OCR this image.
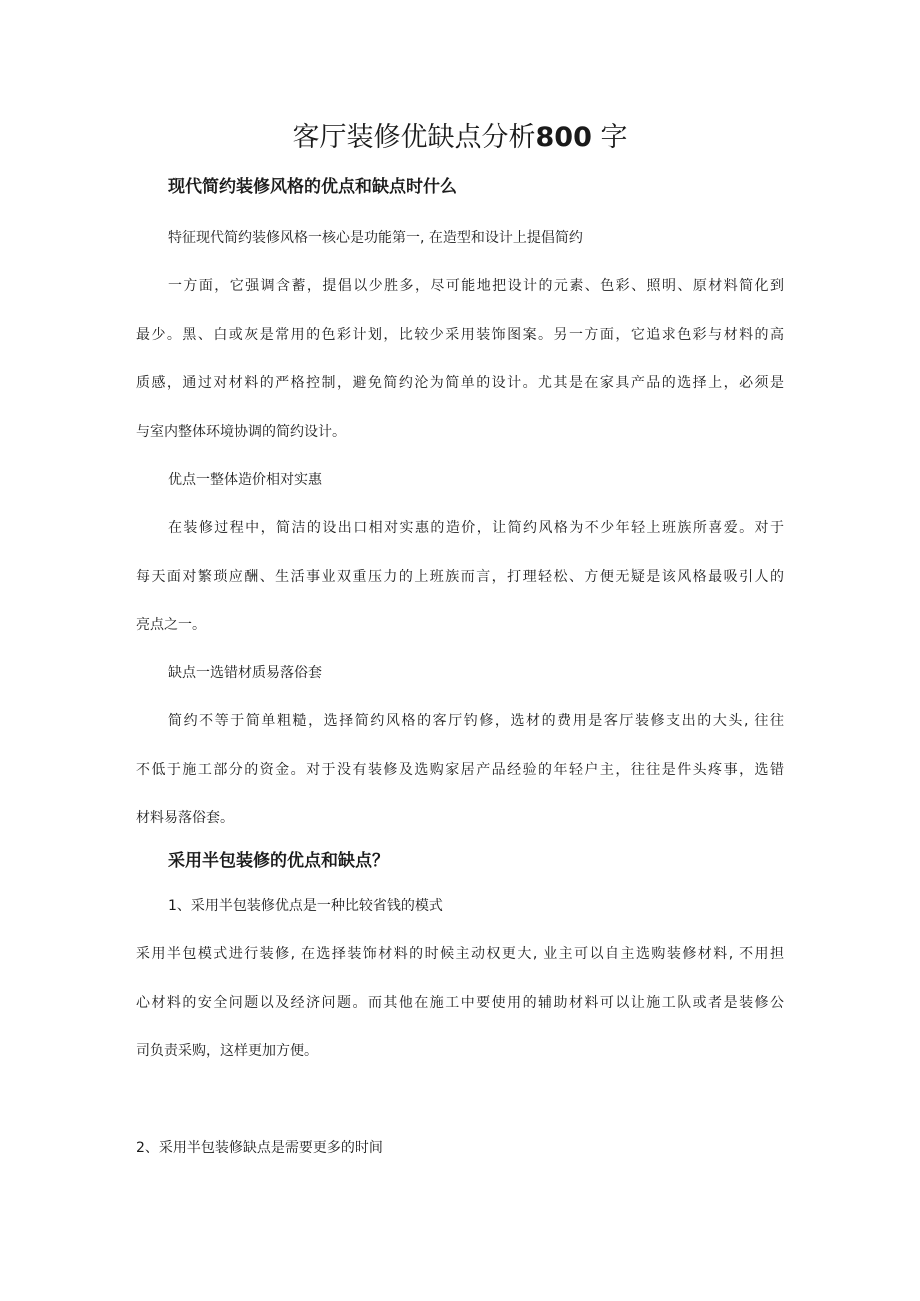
客厅装修优缺点分析800 字
现代简约装修风格的优点和缺点时什么

特征现代简约装修风格一核心是功能第一, 在造型和设计上提倡简约

一方面，它强调含蓄，提倡以少胜多，尽可能地把设计的元素、色彩、照明、原材料简化到

最少。黑、白或灰是常用的色彩计划，比较少采用装饰图案。另一方面，它追求色彩与材料的高

质感，通过对材料的严格控制，避免简约沦为简单的设计。尤其是在家具产品的选择上，必须是

与室内整体环境协调的简约设计。

优点一整体造价相对实惠

在装修过程中，简洁的设出口相对实惠的造价，让简约风格为不少年轻上班族所喜爱。对于

每天面对繁琐应酬、生活事业双重压力的上班族而言，打理轻松、方便无疑是该风格最吸引人的

亮点之一。

缺点一选错材质易落俗套

简约不等于简单粗糙，选择简约风格的客厅钓修，选材的费用是客厅装修支出的大头, 往往

不低于施工部分的资金。对于没有装修及选购家居产品经验的年轻户主，往往是件头疼事，选错

材料易落俗套。

采用半包装修的优点和缺点？

1、采用半包装修优点是一种比较省钱的模式

采用半包模式进行装修, 在选择装饰材料的时候主动权更大, 业主可以自主选购装修材料, 不用担

心材料的安全问题以及经济问题。而其他在施工中要使用的辅助材料可以让施工队或者是装修公

司负责采购，这样更加方便。

2、采用半包装修缺点是需要更多的时间
